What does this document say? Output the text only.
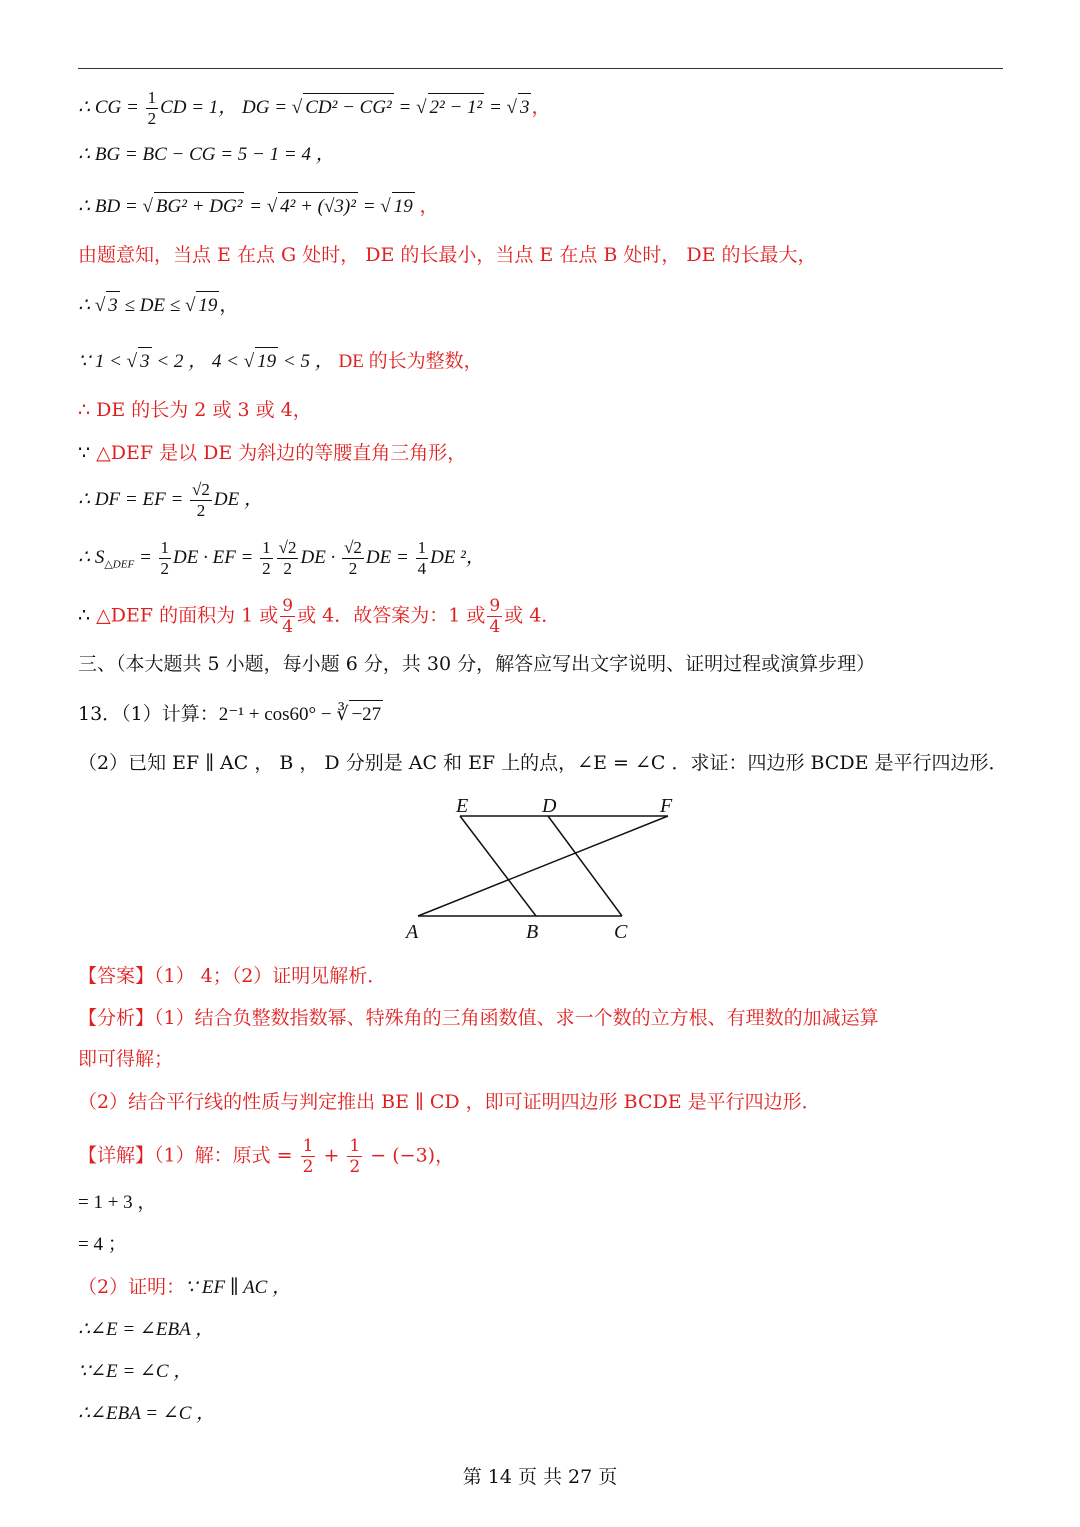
∴ CG = $\frac{1}{2}$ CD = 1， DG = √ CD² − CG² = √ 2² − 1² = √ 3 ，
∴ BG = BC − CG = 5 − 1 = 4 ，
∴ BD = √ BG² + DG² = √ 4² + (√3)² = √ 19 ，
由题意知，当点 E 在点 G 处时， DE 的长最小，当点 E 在点 B 处时， DE 的长最大，
∴ √ 3 ≤ DE ≤ √ 19 ，
∵ 1 < √ 3 < 2 ， 4 < √ 19 < 5 ， DE 的长为整数，
∴ DE 的长为 2 或 3 或 4，
∵ △DEF 是以 DE 为斜边的等腰直角三角形，
∴ DF = EF = $\frac{√2}{2}$ DE ，
∴ $S_{\triangle DEF} = \frac{1}{2}$ DE · EF = $\frac{1}{2} \frac{√2}{2}$ DE · $\frac{√2}{2}$ DE = $\frac{1}{4}$ DE ²，
∴ △DEF 的面积为 1 或 $\frac{9}{4}$ 或 4．故答案为：1 或 $\frac{9}{4}$ 或 4．
三、（本大题共 5 小题，每小题 6 分，共 30 分，解答应写出文字说明、证明过程或演算步理）
13．（1）计算：2⁻¹ + cos60° − ∛ −27
（2）已知 EF ∥ AC ， B ， D 分别是 AC 和 EF 上的点，∠E = ∠C ．求证：四边形 BCDE 是平行四边形．
E	D	F
A	B	C
【答案】（1） 4；（2）证明见解析．
【分析】（1）结合负整数指数幂、特殊角的三角函数值、求一个数的立方根、有理数的加减运算
即可得解；
（2）结合平行线的性质与判定推出 BE ∥ CD ，即可证明四边形 BCDE 是平行四边形．
【详解】（1）解：原式 = $\frac{1}{2} + \frac{1}{2} - (-3)$，
= 1 + 3 ，
= 4 ；
（2）证明：∵ EF ∥ AC ，
∴∠E = ∠EBA ，
∵∠E = ∠C ，
∴∠EBA = ∠C ，
第 14 页 共 27 页
